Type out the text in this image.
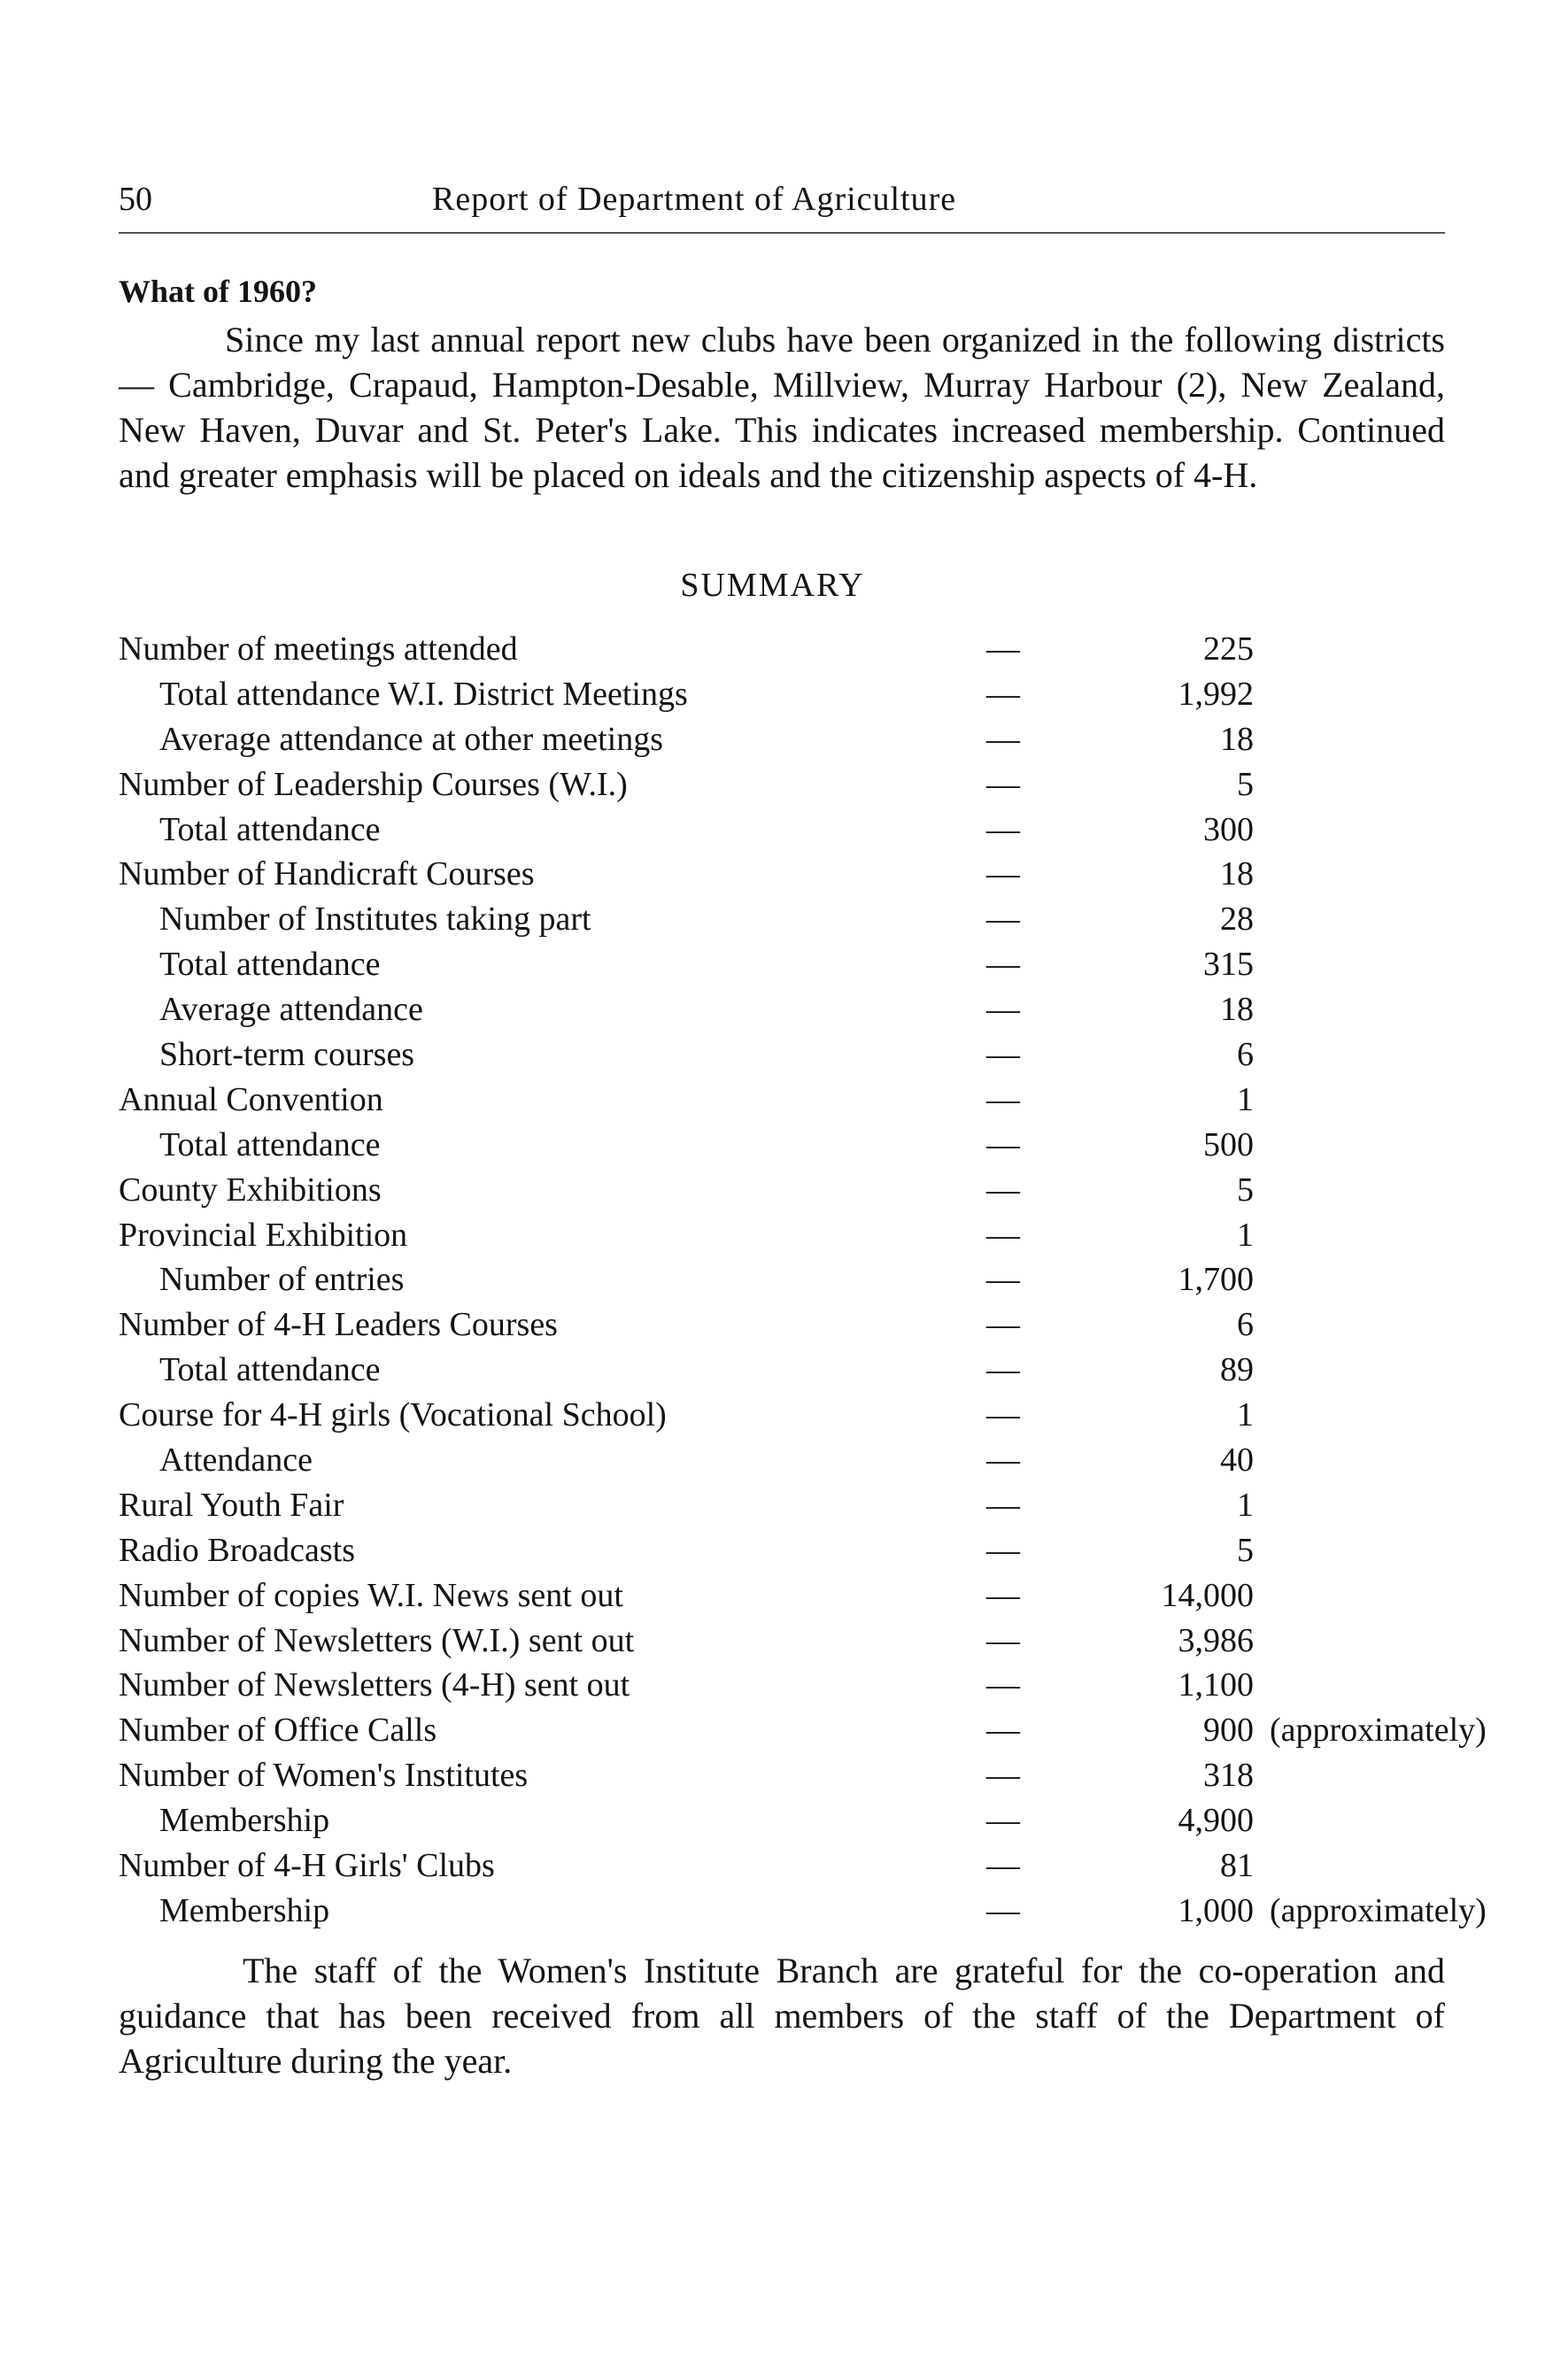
50	Report of Department of Agriculture
What of 1960?

Since my last annual report new clubs have been organized in the following districts — Cambridge, Crapaud, Hampton-Desable, Millview, Murray Harbour (2), New Zealand, New Haven, Duvar and St. Peter's Lake. This indicates increased membership. Continued and greater emphasis will be placed on ideals and the citizenship aspects of 4-H.

SUMMARY
Number of meetings attended	—	225
Total attendance W.I. District Meetings	—	1,992
Average attendance at other meetings	—	18
Number of Leadership Courses (W.I.)	—	5
Total attendance	—	300
Number of Handicraft Courses	—	18
Number of Institutes taking part	—	28
Total attendance	—	315
Average attendance	—	18
Short-term courses	—	6
Annual Convention	—	1
Total attendance	—	500
County Exhibitions	—	5
Provincial Exhibition	—	1
Number of entries	—	1,700
Number of 4-H Leaders Courses	—	6
Total attendance	—	89
Course for 4-H girls (Vocational School)	—	1
Attendance	—	40
Rural Youth Fair	—	1
Radio Broadcasts	—	5
Number of copies W.I. News sent out	—	14,000
Number of Newsletters (W.I.) sent out	—	3,986
Number of Newsletters (4-H) sent out	—	1,100
Number of Office Calls	—	900 (approximately)
Number of Women's Institutes	—	318
Membership	—	4,900
Number of 4-H Girls' Clubs	—	81
Membership	—	1,000 (approximately)

The staff of the Women's Institute Branch are grateful for the co-operation and guidance that has been received from all members of the staff of the Department of Agriculture during the year.
